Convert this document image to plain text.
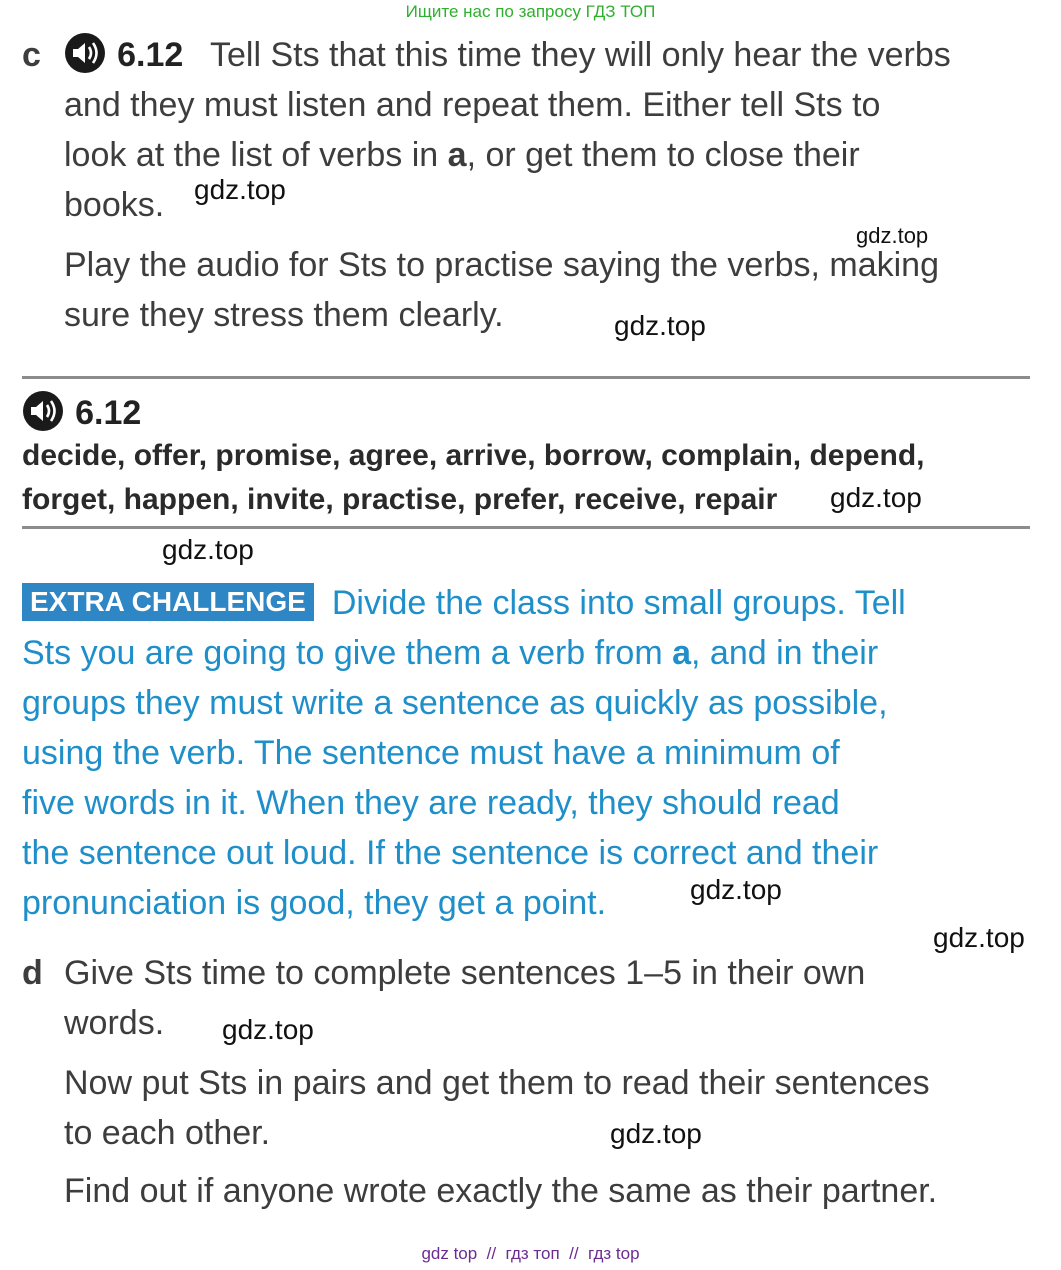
Ищите нас по запросу ГДЗ ТОП
c	6.12 Tell Sts that this time they will only hear the verbs
and they must listen and repeat them. Either tell Sts to
look at the list of verbs in a, or get them to close their
books.
Play the audio for Sts to practise saying the verbs, making
sure they stress them clearly.
6.12
decide, offer, promise, agree, arrive, borrow, complain, depend,
forget, happen, invite, practise, prefer, receive, repair
EXTRA CHALLENGE Divide the class into small groups. Tell
Sts you are going to give them a verb from a, and in their
groups they must write a sentence as quickly as possible,
using the verb. The sentence must have a minimum of
five words in it. When they are ready, they should read
the sentence out loud. If the sentence is correct and their
pronunciation is good, they get a point.
d Give Sts time to complete sentences 1–5 in their own
words.
Now put Sts in pairs and get them to read their sentences
to each other.
Find out if anyone wrote exactly the same as their partner.
gdz.top
gdz.top
gdz.top
gdz.top
gdz.top
gdz.top
gdz.top
gdz.top
gdz.top
gdz top  //  гдз топ  //  гдз top
